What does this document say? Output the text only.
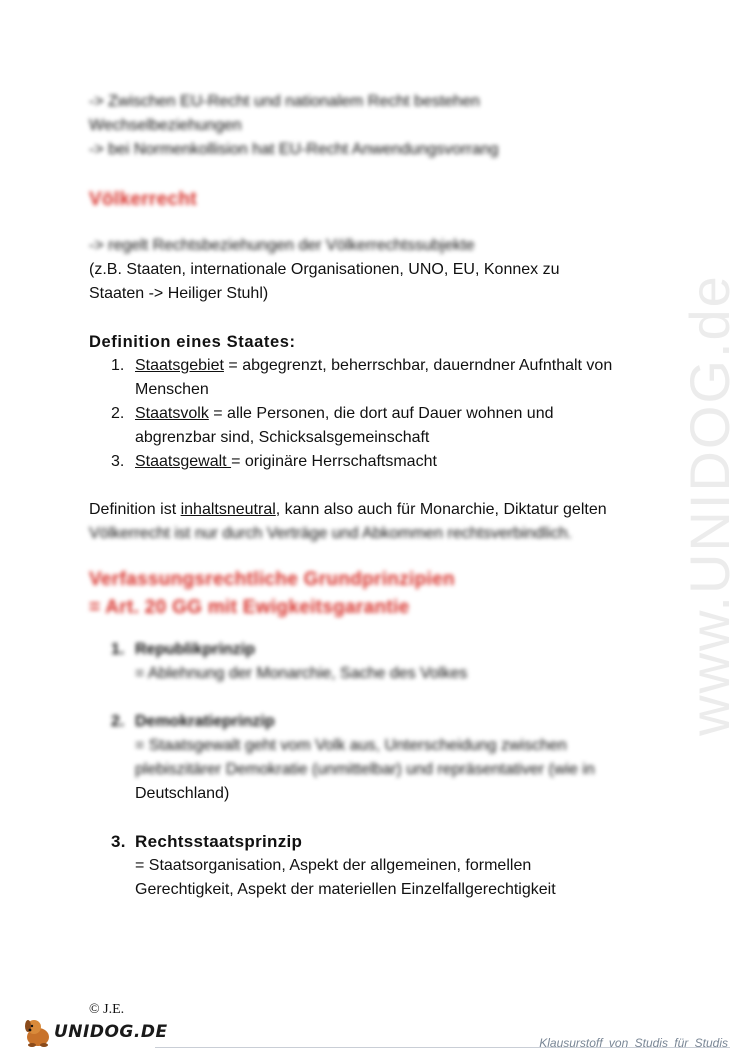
www.UNIDOG.de
-> Zwischen EU-Recht und nationalem Recht bestehen
Wechselbeziehungen
-> bei Normenkollision hat EU-Recht Anwendungsvorrang
Völkerrecht
-> regelt Rechtsbeziehungen der Völkerrechtssubjekte
(z.B. Staaten, internationale Organisationen, UNO, EU, Konnex zu
Staaten -> Heiliger Stuhl)
Definition eines Staates:
1. Staatsgebiet = abgegrenzt, beherrschbar, dauerndner Aufnthalt von
Menschen
2. Staatsvolk = alle Personen, die dort auf Dauer wohnen und
abgrenzbar sind, Schicksalsgemeinschaft
3. Staatsgewalt = originäre Herrschaftsmacht
Definition ist inhaltsneutral, kann also auch für Monarchie, Diktatur gelten
Völkerrecht ist nur durch Verträge und Abkommen rechtsverbindlich.
Verfassungsrechtliche Grundprinzipien
= Art. 20 GG mit Ewigkeitsgarantie
1. Republikprinzip
= Ablehnung der Monarchie, Sache des Volkes
2. Demokratieprinzip
= Staatsgewalt geht vom Volk aus, Unterscheidung zwischen
plebiszitärer Demokratie (unmittelbar) und repräsentativer (wie in
Deutschland)
3. Rechtsstaatsprinzip
= Staatsorganisation, Aspekt der allgemeinen, formellen
Gerechtigkeit, Aspekt der materiellen Einzelfallgerechtigkeit
© J.E.
UNIDOG.DE
Klausurstoff von Studis für Studis
